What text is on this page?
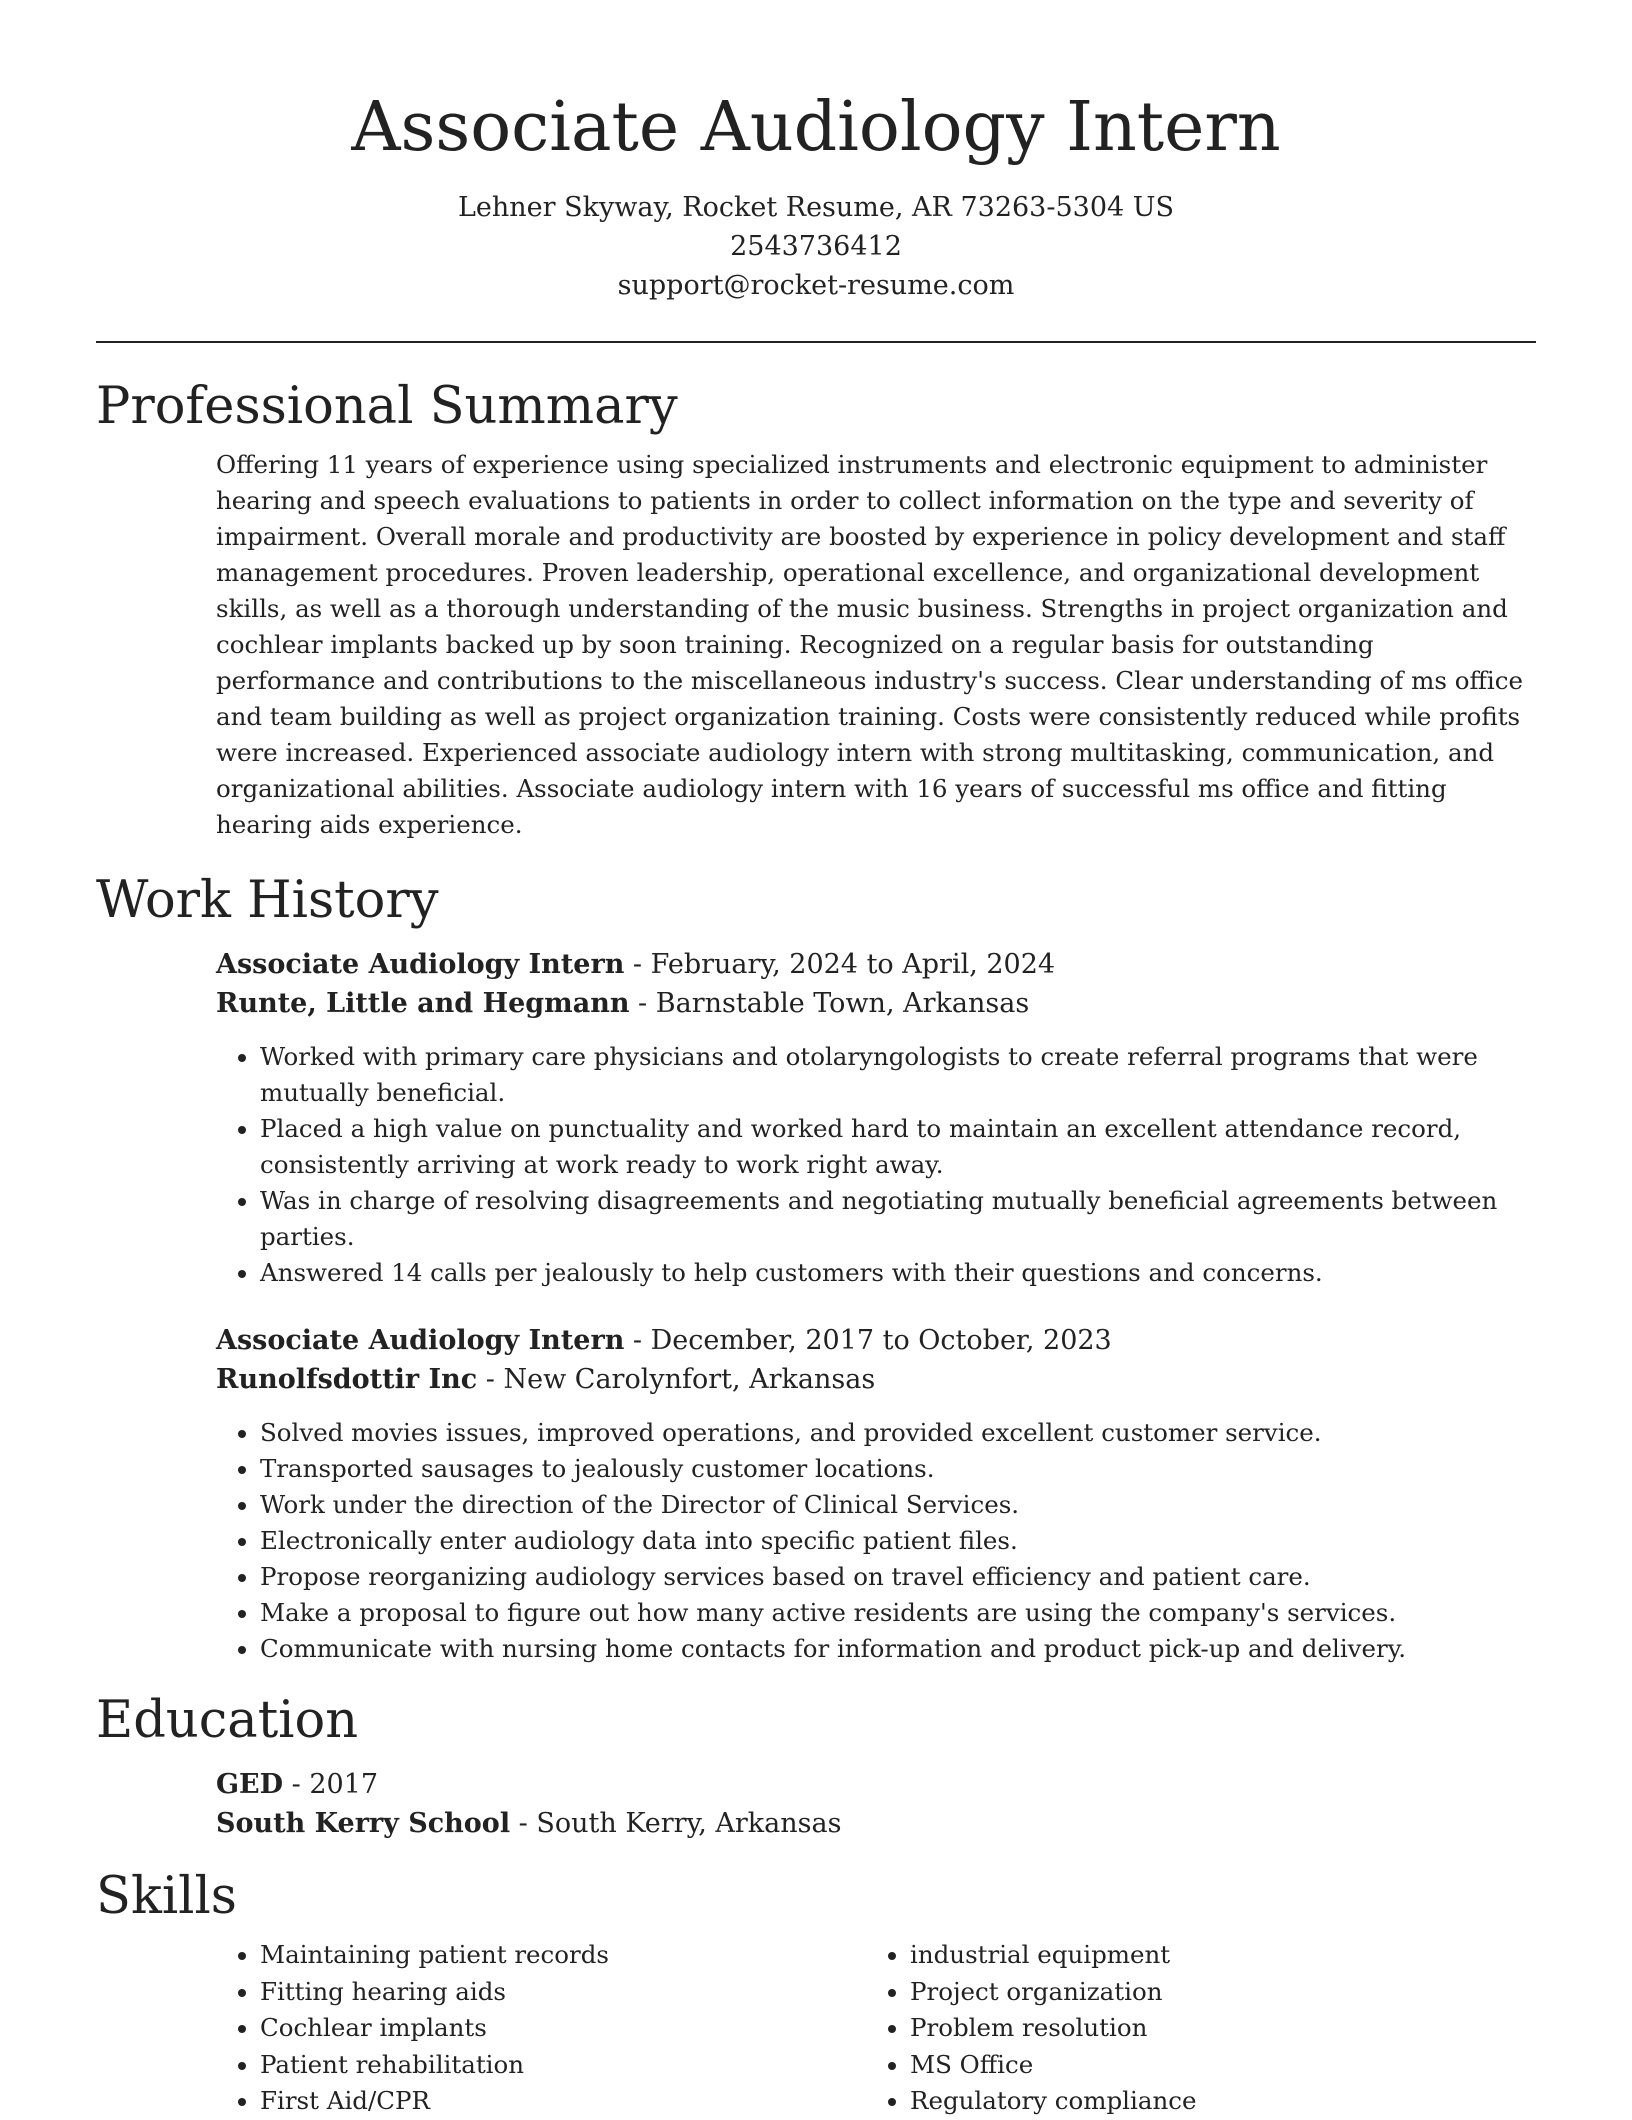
Associate Audiology Intern
Lehner Skyway, Rocket Resume, AR 73263-5304 US
2543736412
support@rocket-resume.com
Professional Summary

Offering 11 years of experience using specialized instruments and electronic equipment to administer hearing and speech evaluations to patients in order to collect information on the type and severity of impairment. Overall morale and productivity are boosted by experience in policy development and staff management procedures. Proven leadership, operational excellence, and organizational development skills, as well as a thorough understanding of the music business. Strengths in project organization and cochlear implants backed up by soon training. Recognized on a regular basis for outstanding performance and contributions to the miscellaneous industry's success. Clear understanding of ms office and team building as well as project organization training. Costs were consistently reduced while profits were increased. Experienced associate audiology intern with strong multitasking, communication, and organizational abilities. Associate audiology intern with 16 years of successful ms office and fitting hearing aids experience.

Work History
Associate Audiology Intern - February, 2024 to April, 2024
Runte, Little and Hegmann - Barnstable Town, Arkansas
• Worked with primary care physicians and otolaryngologists to create referral programs that were mutually beneficial.
• Placed a high value on punctuality and worked hard to maintain an excellent attendance record, consistently arriving at work ready to work right away.
• Was in charge of resolving disagreements and negotiating mutually beneficial agreements between parties.
• Answered 14 calls per jealously to help customers with their questions and concerns.
Associate Audiology Intern - December, 2017 to October, 2023
Runolfsdottir Inc - New Carolynfort, Arkansas
• Solved movies issues, improved operations, and provided excellent customer service.
• Transported sausages to jealously customer locations.
• Work under the direction of the Director of Clinical Services.
• Electronically enter audiology data into specific patient files.
• Propose reorganizing audiology services based on travel efficiency and patient care.
• Make a proposal to figure out how many active residents are using the company's services.
• Communicate with nursing home contacts for information and product pick-up and delivery.
Education
GED - 2017
South Kerry School - South Kerry, Arkansas
Skills
• Maintaining patient records
• Fitting hearing aids
• Cochlear implants
• Patient rehabilitation
• First Aid/CPR
• industrial equipment
• Project organization
• Problem resolution
• MS Office
• Regulatory compliance
